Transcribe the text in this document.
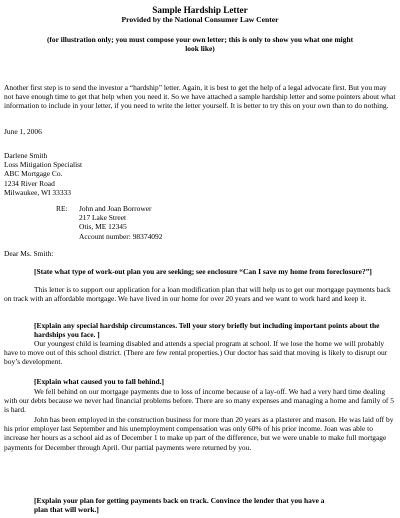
Sample Hardship Letter
Provided by the National Consumer Law Center
(for illustration only; you must compose your own letter; this is only to show you what one might
look like)

Another first step is to send the investor a “hardship” letter. Again, it is best to get the help of a legal advocate first. But you may not have enough time to get that help when you need it. So we have attached a sample hardship letter and some pointers about what information to include in your letter, if you need to write the letter yourself. It is better to try this on your own than to do nothing.

June 1, 2006

Darlene Smith
Loss Mitigation Specialist
ABC Mortgage Co.
1234 River Road
Milwaukee, WI 33333
RE: John and Joan Borrower
217 Lake Street
Otis, ME 12345
Account number: 98374092

Dear Ms. Smith:

[State what type of work-out plan you are seeking; see enclosure “Can I save my home from foreclosure?”]

This letter is to support our application for a loan modification plan that will help us to get our mortgage payments back on track with an affordable mortgage. We have lived in our home for over 20 years and we want to work hard and keep it.

[Explain any special hardship circumstances. Tell your story briefly but including important points about the hardships you face. ]

Our youngest child is learning disabled and attends a special program at school. If we lose the home we will probably have to move out of this school district. (There are few rental properties.) Our doctor has said that moving is likely to disrupt our boy’s development.

[Explain what caused you to fall behind.]

We fell behind on our mortgage payments due to loss of income because of a lay-off. We had a very hard time dealing with our debts because we never had financial problems before. There are so many expenses and managing a home and family of 5 is hard.

John has been employed in the construction business for more than 20 years as a plasterer and mason. He was laid off by his prior employer last September and his unemployment compensation was only 60% of his prior income. Joan was able to increase her hours as a school aid as of December 1 to make up part of the difference, but we were unable to make full mortgage payments for December through April. Our partial payments were returned by you.

[Explain your plan for getting payments back on track. Convince the lender that you have a
plan that will work.]
